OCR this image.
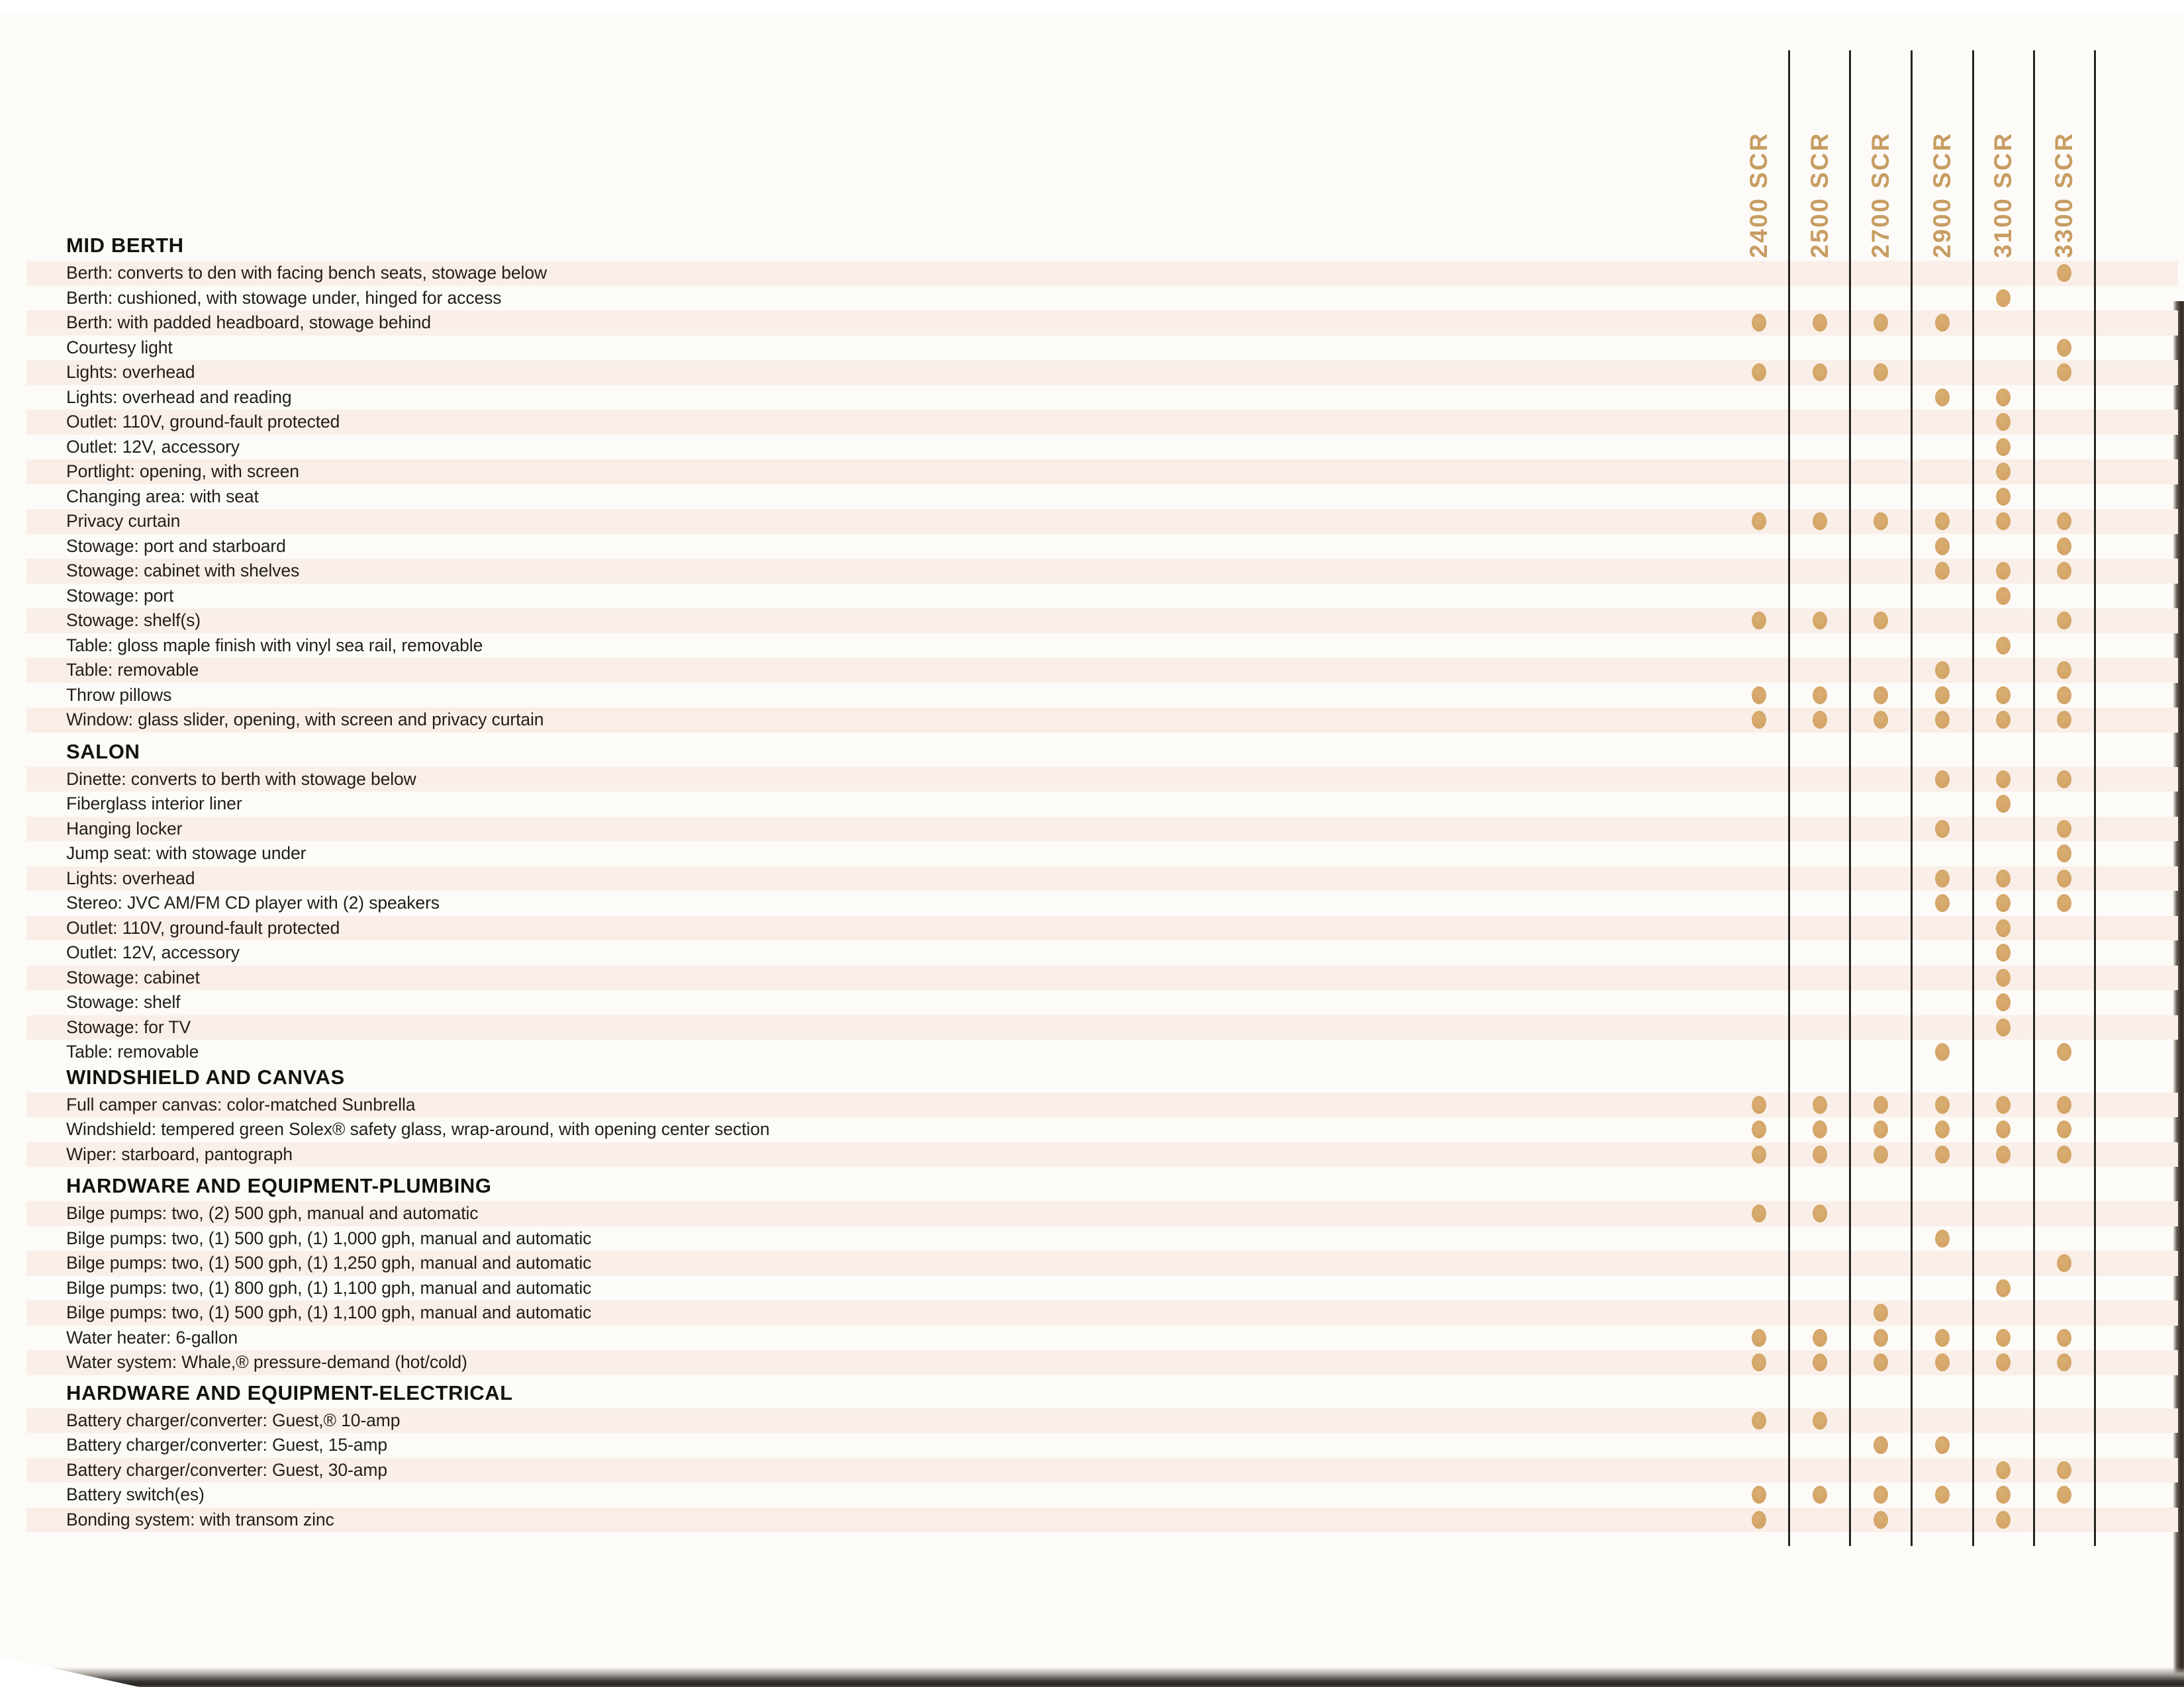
2400 SCR 2500 SCR 2700 SCR 2900 SCR 3100 SCR 3300 SCR
MID BERTH
Berth: converts to den with facing bench seats, stowage below
Berth: cushioned, with stowage under, hinged for access
Berth: with padded headboard, stowage behind
Courtesy light
Lights: overhead
Lights: overhead and reading
Outlet: 110V, ground-fault protected
Outlet: 12V, accessory
Portlight: opening, with screen
Changing area: with seat
Privacy curtain
Stowage: port and starboard
Stowage: cabinet with shelves
Stowage: port
Stowage: shelf(s)
Table: gloss maple finish with vinyl sea rail, removable
Table: removable
Throw pillows
Window: glass slider, opening, with screen and privacy curtain
SALON
Dinette: converts to berth with stowage below
Fiberglass interior liner
Hanging locker
Jump seat: with stowage under
Lights: overhead
Stereo: JVC AM/FM CD player with (2) speakers
Outlet: 110V, ground-fault protected
Outlet: 12V, accessory
Stowage: cabinet
Stowage: shelf
Stowage: for TV
Table: removable
WINDSHIELD AND CANVAS
Full camper canvas: color-matched Sunbrella
Windshield: tempered green Solex® safety glass, wrap-around, with opening center section
Wiper: starboard, pantograph
HARDWARE AND EQUIPMENT-PLUMBING
Bilge pumps: two, (2) 500 gph, manual and automatic
Bilge pumps: two, (1) 500 gph, (1) 1,000 gph, manual and automatic
Bilge pumps: two, (1) 500 gph, (1) 1,250 gph, manual and automatic
Bilge pumps: two, (1) 800 gph, (1) 1,100 gph, manual and automatic
Bilge pumps: two, (1) 500 gph, (1) 1,100 gph, manual and automatic
Water heater: 6-gallon
Water system: Whale,® pressure-demand (hot/cold)
HARDWARE AND EQUIPMENT-ELECTRICAL
Battery charger/converter: Guest,® 10-amp
Battery charger/converter: Guest, 15-amp
Battery charger/converter: Guest, 30-amp
Battery switch(es)
Bonding system: with transom zinc
